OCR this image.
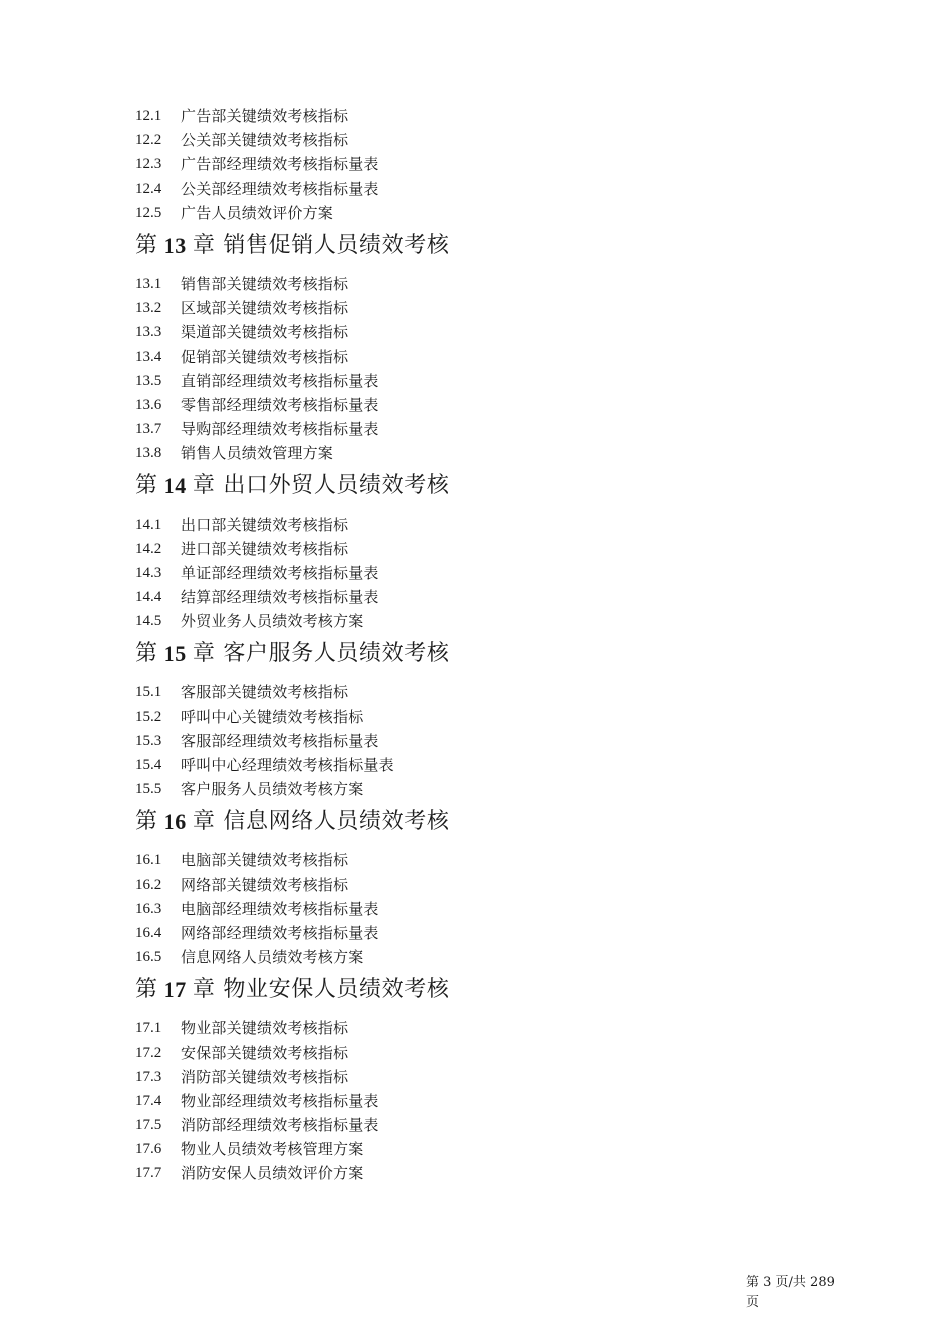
12.1	广告部关键绩效考核指标
12.2	公关部关键绩效考核指标
12.3	广告部经理绩效考核指标量表
12.4	公关部经理绩效考核指标量表
12.5	广告人员绩效评价方案
第 13 章 销售促销人员绩效考核
13.1	销售部关键绩效考核指标
13.2	区域部关键绩效考核指标
13.3	渠道部关键绩效考核指标
13.4	促销部关键绩效考核指标
13.5	直销部经理绩效考核指标量表
13.6	零售部经理绩效考核指标量表
13.7	导购部经理绩效考核指标量表
13.8	销售人员绩效管理方案
第 14 章 出口外贸人员绩效考核
14.1	出口部关键绩效考核指标
14.2	进口部关键绩效考核指标
14.3	单证部经理绩效考核指标量表
14.4	结算部经理绩效考核指标量表
14.5	外贸业务人员绩效考核方案
第 15 章 客户服务人员绩效考核
15.1	客服部关键绩效考核指标
15.2	呼叫中心关键绩效考核指标
15.3	客服部经理绩效考核指标量表
15.4	呼叫中心经理绩效考核指标量表
15.5	客户服务人员绩效考核方案
第 16 章 信息网络人员绩效考核
16.1	电脑部关键绩效考核指标
16.2	网络部关键绩效考核指标
16.3	电脑部经理绩效考核指标量表
16.4	网络部经理绩效考核指标量表
16.5	信息网络人员绩效考核方案
第 17 章 物业安保人员绩效考核
17.1	物业部关键绩效考核指标
17.2	安保部关键绩效考核指标
17.3	消防部关键绩效考核指标
17.4	物业部经理绩效考核指标量表
17.5	消防部经理绩效考核指标量表
17.6	物业人员绩效考核管理方案
17.7	消防安保人员绩效评价方案
第 3 页/共 289
页
